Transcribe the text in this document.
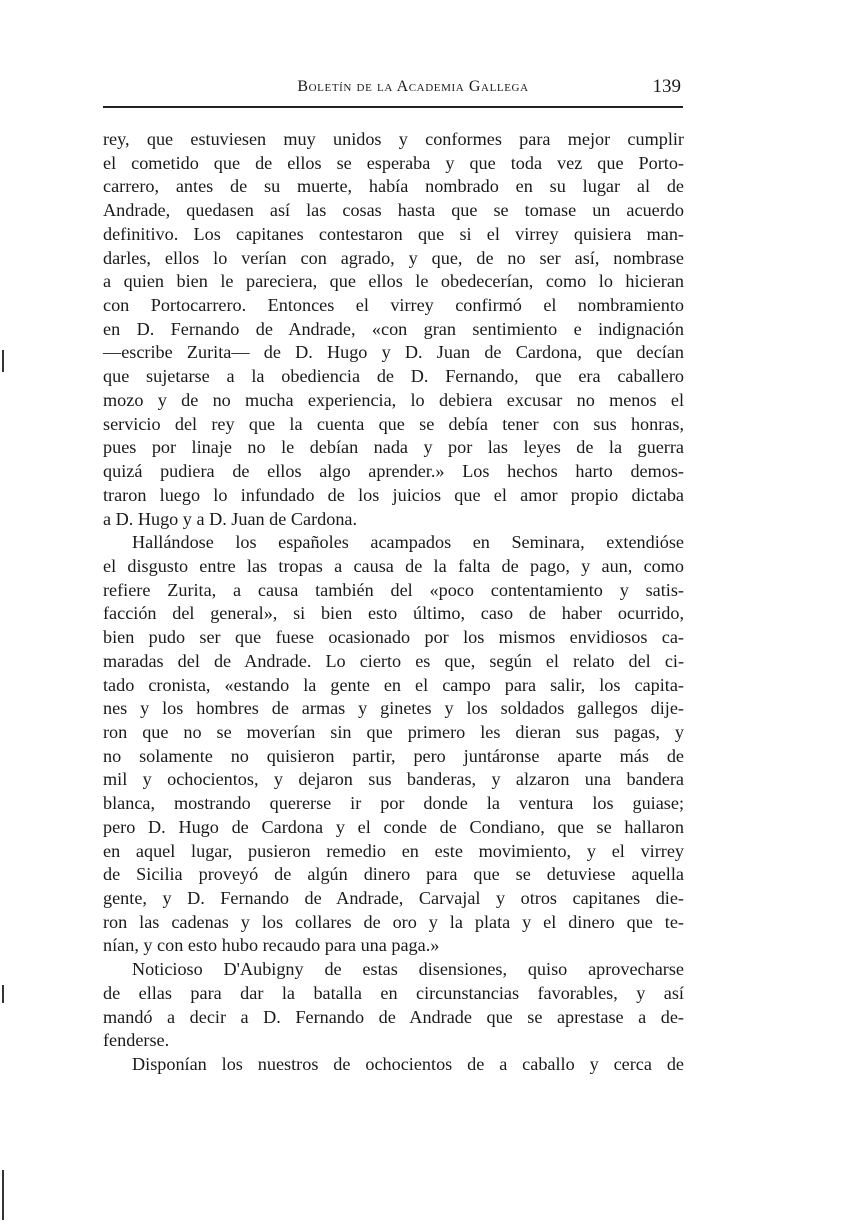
Boletín de la Academia Gallega	139
rey, que estuviesen muy unidos y conformes para mejor cumplir
el cometido que de ellos se esperaba y que toda vez que Porto-
carrero, antes de su muerte, había nombrado en su lugar al de
Andrade, quedasen así las cosas hasta que se tomase un acuerdo
definitivo. Los capitanes contestaron que si el virrey quisiera man-
darles, ellos lo verían con agrado, y que, de no ser así, nombrase
a quien bien le pareciera, que ellos le obedecerían, como lo hicieran
con Portocarrero. Entonces el virrey confirmó el nombramiento
en D. Fernando de Andrade, «con gran sentimiento e indignación
—escribe Zurita— de D. Hugo y D. Juan de Cardona, que decían
que sujetarse a la obediencia de D. Fernando, que era caballero
mozo y de no mucha experiencia, lo debiera excusar no menos el
servicio del rey que la cuenta que se debía tener con sus honras,
pues por linaje no le debían nada y por las leyes de la guerra
quizá pudiera de ellos algo aprender.» Los hechos harto demos-
traron luego lo infundado de los juicios que el amor propio dictaba
a D. Hugo y a D. Juan de Cardona.
Hallándose los españoles acampados en Seminara, extendióse
el disgusto entre las tropas a causa de la falta de pago, y aun, como
refiere Zurita, a causa también del «poco contentamiento y satis-
facción del general», si bien esto último, caso de haber ocurrido,
bien pudo ser que fuese ocasionado por los mismos envidiosos ca-
maradas del de Andrade. Lo cierto es que, según el relato del ci-
tado cronista, «estando la gente en el campo para salir, los capita-
nes y los hombres de armas y ginetes y los soldados gallegos dije-
ron que no se moverían sin que primero les dieran sus pagas, y
no solamente no quisieron partir, pero juntáronse aparte más de
mil y ochocientos, y dejaron sus banderas, y alzaron una bandera
blanca, mostrando quererse ir por donde la ventura los guiase;
pero D. Hugo de Cardona y el conde de Condiano, que se hallaron
en aquel lugar, pusieron remedio en este movimiento, y el virrey
de Sicilia proveyó de algún dinero para que se detuviese aquella
gente, y D. Fernando de Andrade, Carvajal y otros capitanes die-
ron las cadenas y los collares de oro y la plata y el dinero que te-
nían, y con esto hubo recaudo para una paga.»
Noticioso D'Aubigny de estas disensiones, quiso aprovecharse
de ellas para dar la batalla en circunstancias favorables, y así
mandó a decir a D. Fernando de Andrade que se aprestase a de-
fenderse.
Disponían los nuestros de ochocientos de a caballo y cerca de
